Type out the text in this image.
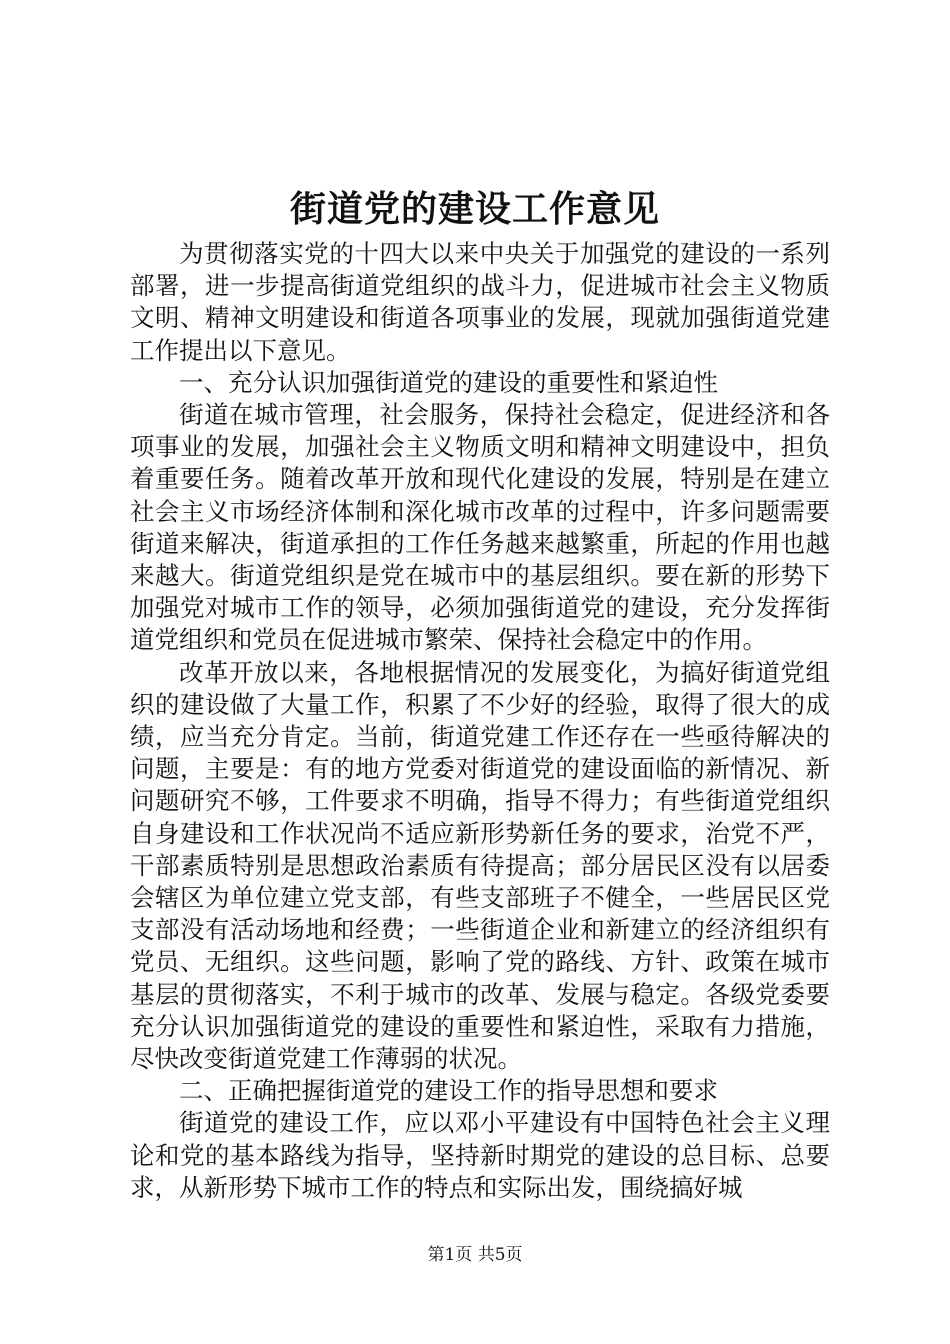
街道党的建设工作意见

为贯彻落实党的十四大以来中央关于加强党的建设的一系列部署，进一步提高街道党组织的战斗力，促进城市社会主义物质文明、精神文明建设和街道各项事业的发展，现就加强街道党建工作提出以下意见。

一、充分认识加强街道党的建设的重要性和紧迫性

街道在城市管理，社会服务，保持社会稳定，促进经济和各项事业的发展，加强社会主义物质文明和精神文明建设中，担负着重要任务。随着改革开放和现代化建设的发展，特别是在建立社会主义市场经济体制和深化城市改革的过程中，许多问题需要街道来解决，街道承担的工作任务越来越繁重，所起的作用也越来越大。街道党组织是党在城市中的基层组织。要在新的形势下加强党对城市工作的领导，必须加强街道党的建设，充分发挥街道党组织和党员在促进城市繁荣、保持社会稳定中的作用。

改革开放以来，各地根据情况的发展变化，为搞好街道党组织的建设做了大量工作，积累了不少好的经验，取得了很大的成绩，应当充分肯定。当前，街道党建工作还存在一些亟待解决的问题，主要是：有的地方党委对街道党的建设面临的新情况、新问题研究不够，工件要求不明确，指导不得力；有些街道党组织自身建设和工作状况尚不适应新形势新任务的要求，治党不严，干部素质特别是思想政治素质有待提高；部分居民区没有以居委会辖区为单位建立党支部，有些支部班子不健全，一些居民区党支部没有活动场地和经费；一些街道企业和新建立的经济组织有党员、无组织。这些问题，影响了党的路线、方针、政策在城市基层的贯彻落实，不利于城市的改革、发展与稳定。各级党委要充分认识加强街道党的建设的重要性和紧迫性，采取有力措施，尽快改变街道党建工作薄弱的状况。

二、正确把握街道党的建设工作的指导思想和要求

街道党的建设工作，应以邓小平建设有中国特色社会主义理论和党的基本路线为指导，坚持新时期党的建设的总目标、总要求，从新形势下城市工作的特点和实际出发，围绕搞好城

第1页 共5页
